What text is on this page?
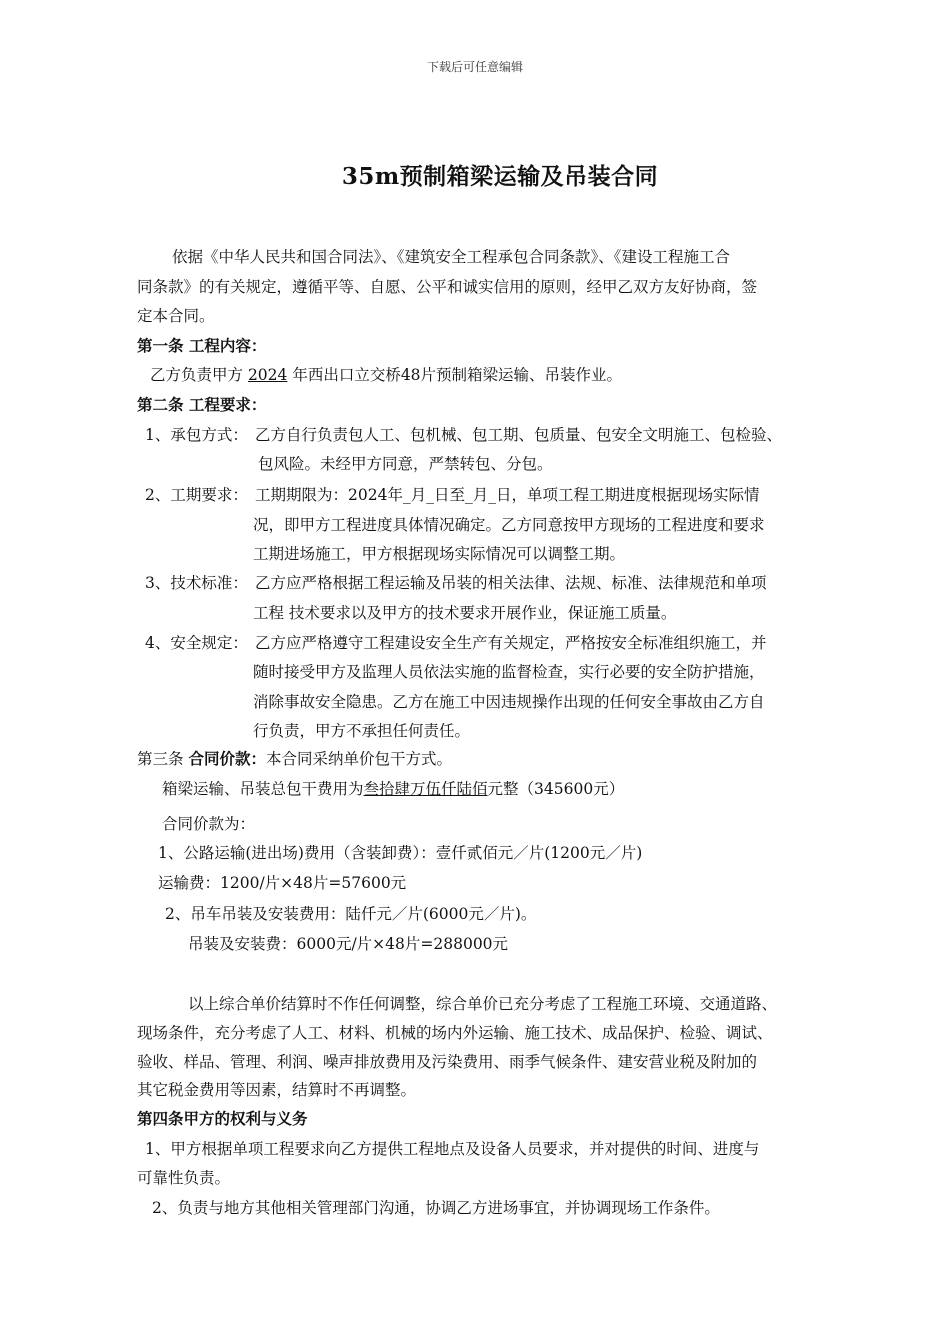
下载后可任意编辑
35m预制箱梁运输及吊装合同
依据《中华人民共和国合同法》、《建筑安全工程承包合同条款》、《建设工程施工合
同条款》的有关规定，遵循平等、自愿、公平和诚实信用的原则，经甲乙双方友好协商，签
定本合同。
第一条 工程内容：
乙方负责甲方 2024 年西出口立交桥48片预制箱梁运输、吊装作业。
第二条 工程要求：
1、承包方式： 乙方自行负责包人工、包机械、包工期、包质量、包安全文明施工、包检验、
包风险。未经甲方同意，严禁转包、分包。
2、工期要求： 工期期限为：2024年_月_日至_月_日，单项工程工期进度根据现场实际情
况，即甲方工程进度具体情况确定。乙方同意按甲方现场的工程进度和要求
工期进场施工，甲方根据现场实际情况可以调整工期。
3、技术标准： 乙方应严格根据工程运输及吊装的相关法律、法规、标准、法律规范和单项
工程 技术要求以及甲方的技术要求开展作业，保证施工质量。
4、安全规定： 乙方应严格遵守工程建设安全生产有关规定，严格按安全标准组织施工，并
随时接受甲方及监理人员依法实施的监督检查，实行必要的安全防护措施，
消除事故安全隐患。乙方在施工中因违规操作出现的任何安全事故由乙方自
行负责，甲方不承担任何责任。
第三条 合同价款：本合同采纳单价包干方式。
箱梁运输、吊装总包干费用为叁拾肆万伍仟陆佰元整（345600元）
合同价款为：
1、公路运输(进出场)费用（含装卸费）：壹仟贰佰元／片(1200元／片)
运输费：1200/片×48片=57600元
2、吊车吊装及安装费用：陆仟元／片(6000元／片)。
吊装及安装费：6000元/片×48片=288000元
以上综合单价结算时不作任何调整，综合单价已充分考虑了工程施工环境、交通道路、
现场条件，充分考虑了人工、材料、机械的场内外运输、施工技术、成品保护、检验、调试、
验收、样品、管理、利润、噪声排放费用及污染费用、雨季气候条件、建安营业税及附加的
其它税金费用等因素，结算时不再调整。
第四条甲方的权利与义务
1、甲方根据单项工程要求向乙方提供工程地点及设备人员要求，并对提供的时间、进度与
可靠性负责。
2、负责与地方其他相关管理部门沟通，协调乙方进场事宜，并协调现场工作条件。
